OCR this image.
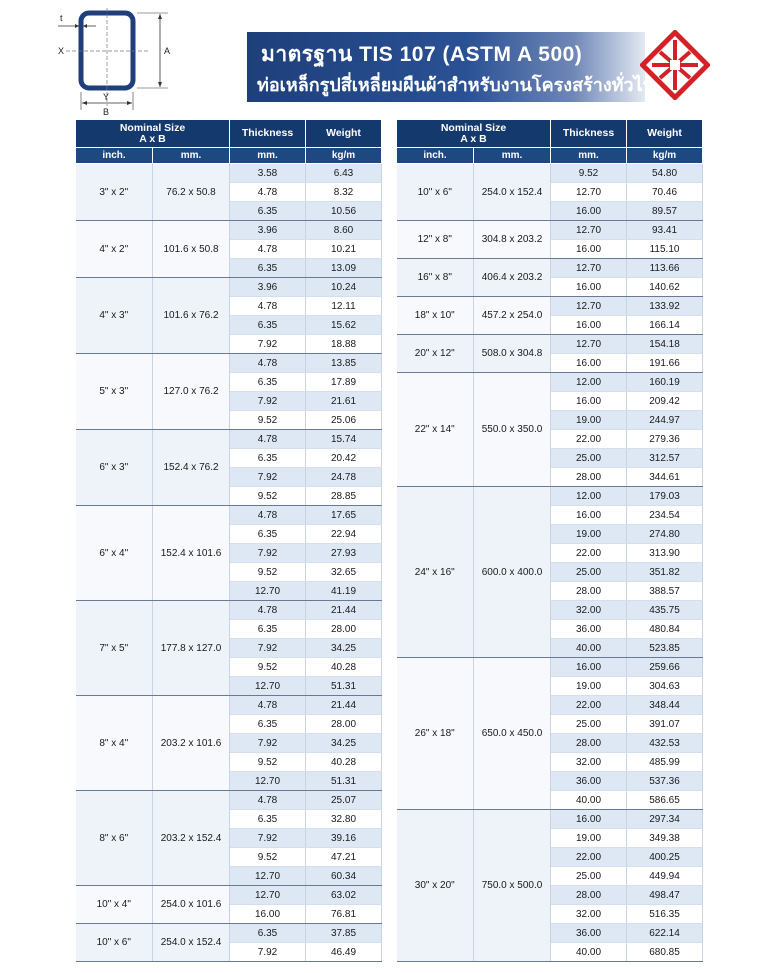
t
X	A
Y
B
มาตรฐาน TIS 107 (ASTM A 500)
ท่อเหล็กรูปสี่เหลี่ยมผืนผ้าสำหรับงานโครงสร้างทั่วไป
Nominal Size
A x B		Thickness	Weight
inch.	mm.	mm.	kg/m
3" x 2"	76.2 x 50.8	3.58	6.43
		4.78	8.32
		6.35	10.56
4" x 2"	101.6 x 50.8	3.96	8.60
		4.78	10.21
		6.35	13.09
4" x 3"	101.6 x 76.2	3.96	10.24
		4.78	12.11
		6.35	15.62
		7.92	18.88
5" x 3"	127.0 x 76.2	4.78	13.85
		6.35	17.89
		7.92	21.61
		9.52	25.06
6" x 3"	152.4 x 76.2	4.78	15.74
		6.35	20.42
		7.92	24.78
		9.52	28.85
6" x 4"	152.4 x 101.6	4.78	17.65
		6.35	22.94
		7.92	27.93
		9.52	32.65
		12.70	41.19
7" x 5"	177.8 x 127.0	4.78	21.44
		6.35	28.00
		7.92	34.25
		9.52	40.28
		12.70	51.31
8" x 4"	203.2 x 101.6	4.78	21.44
		6.35	28.00
		7.92	34.25
		9.52	40.28
		12.70	51.31
8" x 6"	203.2 x 152.4	4.78	25.07
		6.35	32.80
		7.92	39.16
		9.52	47.21
		12.70	60.34
10" x 4"	254.0 x 101.6	12.70	63.02
		16.00	76.81
10" x 6"	254.0 x 152.4	6.35	37.85
		7.92	46.49
Nominal Size
A x B		Thickness	Weight
inch.	mm.	mm.	kg/m
10" x 6"	254.0 x 152.4	9.52	54.80
		12.70	70.46
		16.00	89.57
12" x 8"	304.8 x 203.2	12.70	93.41
		16.00	115.10
16" x 8"	406.4 x 203.2	12.70	113.66
		16.00	140.62
18" x 10"	457.2 x 254.0	12.70	133.92
		16.00	166.14
20" x 12"	508.0 x 304.8	12.70	154.18
		16.00	191.66
22" x 14"	550.0 x 350.0	12.00	160.19
		16.00	209.42
		19.00	244.97
		22.00	279.36
		25.00	312.57
		28.00	344.61
24" x 16"	600.0 x 400.0	12.00	179.03
		16.00	234.54
		19.00	274.80
		22.00	313.90
		25.00	351.82
		28.00	388.57
		32.00	435.75
		36.00	480.84
		40.00	523.85
26" x 18"	650.0 x 450.0	16.00	259.66
		19.00	304.63
		22.00	348.44
		25.00	391.07
		28.00	432.53
		32.00	485.99
		36.00	537.36
		40.00	586.65
30" x 20"	750.0 x 500.0	16.00	297.34
		19.00	349.38
		22.00	400.25
		25.00	449.94
		28.00	498.47
		32.00	516.35
		36.00	622.14
		40.00	680.85
